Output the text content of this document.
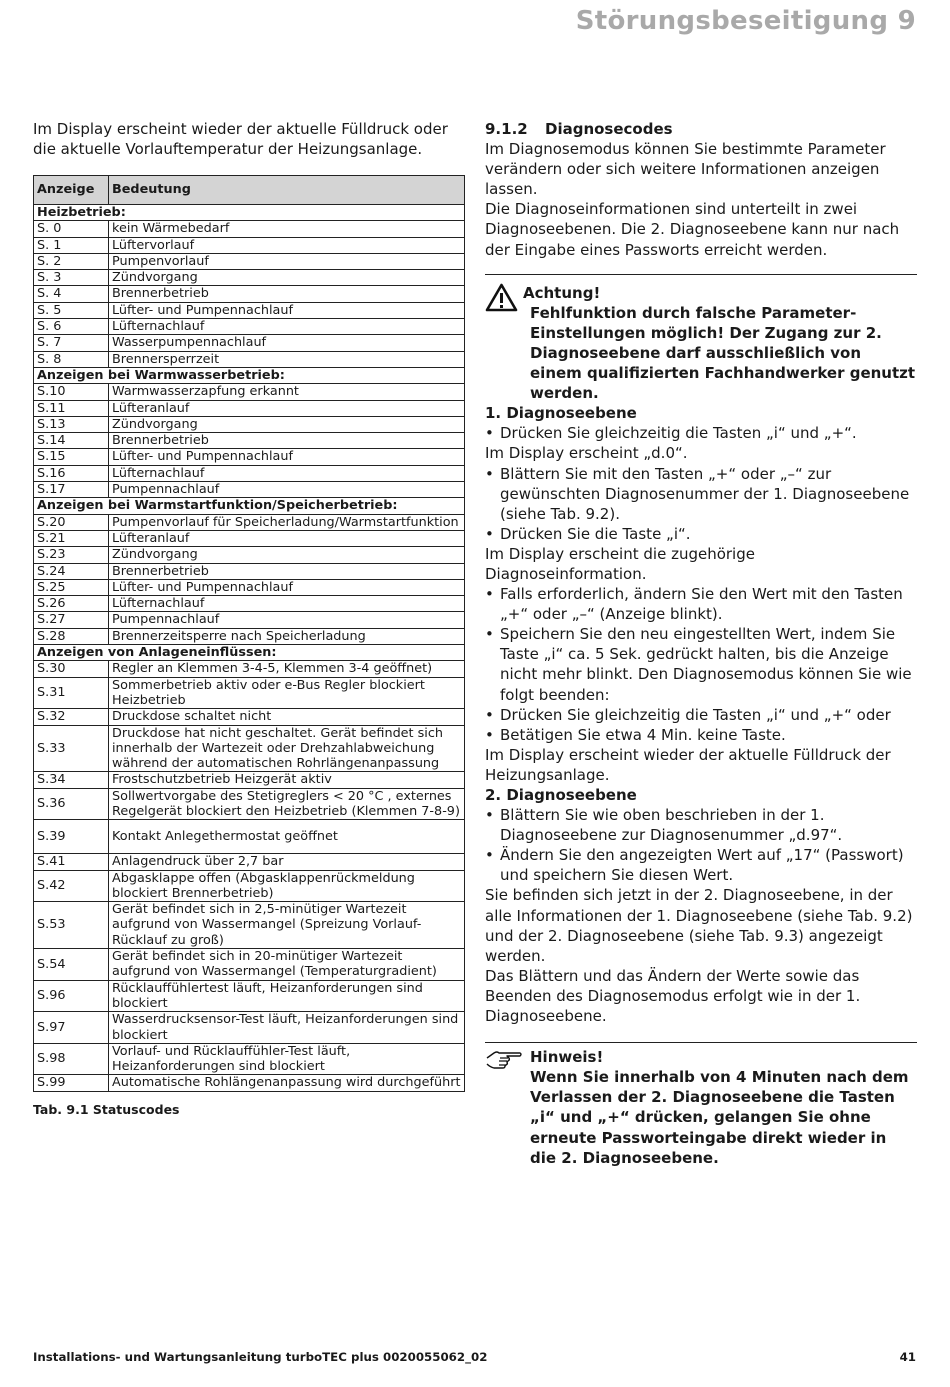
Störungsbeseitigung 9

Im Display erscheint wieder der aktuelle Fülldruck oder die aktuelle Vorlauftemperatur der Heizungsanlage.

Anzeige	Bedeutung
Heizbetrieb:	
S. 0	kein Wärmebedarf
S. 1	Lüftervorlauf
S. 2	Pumpenvorlauf
S. 3	Zündvorgang
S. 4	Brennerbetrieb
S. 5	Lüfter- und Pumpennachlauf
S. 6	Lüfternachlauf
S. 7	Wasserpumpennachlauf
S. 8	Brennersperrzeit
Anzeigen bei Warmwasserbetrieb:	
S.10	Warmwasserzapfung erkannt
S.11	Lüfteranlauf
S.13	Zündvorgang
S.14	Brennerbetrieb
S.15	Lüfter- und Pumpennachlauf
S.16	Lüfternachlauf
S.17	Pumpennachlauf
Anzeigen bei Warmstartfunktion/Speicherbetrieb:	
S.20	Pumpenvorlauf für Speicherladung/Warmstartfunktion
S.21	Lüfteranlauf
S.23	Zündvorgang
S.24	Brennerbetrieb
S.25	Lüfter- und Pumpennachlauf
S.26	Lüfternachlauf
S.27	Pumpennachlauf
S.28	Brennerzeitsperre nach Speicherladung
Anzeigen von Anlageneinflüssen:	
S.30	Regler an Klemmen 3-4-5, Klemmen 3-4 geöffnet)
S.31	Sommerbetrieb aktiv oder e-Bus Regler blockiert Heizbetrieb
S.32	Druckdose schaltet nicht
S.33	Druckdose hat nicht geschaltet. Gerät befindet sich innerhalb der Wartezeit oder Drehzahlabweichung während der automatischen Rohrlängenanpassung
S.34	Frostschutzbetrieb Heizgerät aktiv
S.36	Sollwertvorgabe des Stetigreglers < 20 °C , externes Regelgerät blockiert den Heizbetrieb (Klemmen 7-8-9)
S.39	Kontakt Anlegethermostat geöffnet
S.41	Anlagendruck über 2,7 bar
S.42	Abgasklappe offen (Abgasklappenrückmeldung blockiert Brennerbetrieb)
S.53	Gerät befindet sich in 2,5-minütiger Wartezeit aufgrund von Wassermangel (Spreizung Vorlauf-Rücklauf zu groß)
S.54	Gerät befindet sich in 20-minütiger Wartezeit aufgrund von Wassermangel (Temperaturgradient)
S.96	Rücklauffühlertest läuft, Heizanforderungen sind blockiert
S.97	Wasserdrucksensor-Test läuft, Heizanforderungen sind blockiert
S.98	Vorlauf- und Rücklauffühler-Test läuft, Heizanforderungen sind blockiert
S.99	Automatische Rohlängenanpassung wird durchgeführt
Tab. 9.1 Statuscodes

9.1.2 Diagnosecodes

Im Diagnosemodus können Sie bestimmte Parameter verändern oder sich weitere Informationen anzeigen lassen.

Die Diagnoseinformationen sind unterteilt in zwei Diagnoseebenen. Die 2. Diagnoseebene kann nur nach der Eingabe eines Passworts erreicht werden.

Achtung!
Fehlfunktion durch falsche Parameter-Einstellungen möglich! Der Zugang zur 2. Diagnoseebene darf ausschließlich von einem qualifizierten Fachhandwerker genutzt werden.

1. Diagnoseebene

• Drücken Sie gleichzeitig die Tasten „i“ und „+“.

Im Display erscheint „d.0“.

• Blättern Sie mit den Tasten „+“ oder „–“ zur gewünschten Diagnosenummer der 1. Diagnoseebene (siehe Tab. 9.2).

• Drücken Sie die Taste „i“.

Im Display erscheint die zugehörige Diagnoseinformation.

• Falls erforderlich, ändern Sie den Wert mit den Tasten „+“ oder „–“ (Anzeige blinkt).

• Speichern Sie den neu eingestellten Wert, indem Sie Taste „i“ ca. 5 Sek. gedrückt halten, bis die Anzeige nicht mehr blinkt. Den Diagnosemodus können Sie wie folgt beenden:

• Drücken Sie gleichzeitig die Tasten „i“ und „+“ oder

• Betätigen Sie etwa 4 Min. keine Taste.

Im Display erscheint wieder der aktuelle Fülldruck der Heizungsanlage.

2. Diagnoseebene

• Blättern Sie wie oben beschrieben in der 1. Diagnoseebene zur Diagnosenummer „d.97“.

• Ändern Sie den angezeigten Wert auf „17“ (Passwort) und speichern Sie diesen Wert.

Sie befinden sich jetzt in der 2. Diagnoseebene, in der alle Informationen der 1. Diagnoseebene (siehe Tab. 9.2) und der 2. Diagnoseebene (siehe Tab. 9.3) angezeigt werden.

Das Blättern und das Ändern der Werte sowie das Beenden des Diagnosemodus erfolgt wie in der 1. Diagnoseebene.

Hinweis!
Wenn Sie innerhalb von 4 Minuten nach dem Verlassen der 2. Diagnoseebene die Tasten „i“ und „+“ drücken, gelangen Sie ohne erneute Passworteingabe direkt wieder in die 2. Diagnoseebene.
Installations- und Wartungsanleitung turboTEC plus 0020055062_02	41
